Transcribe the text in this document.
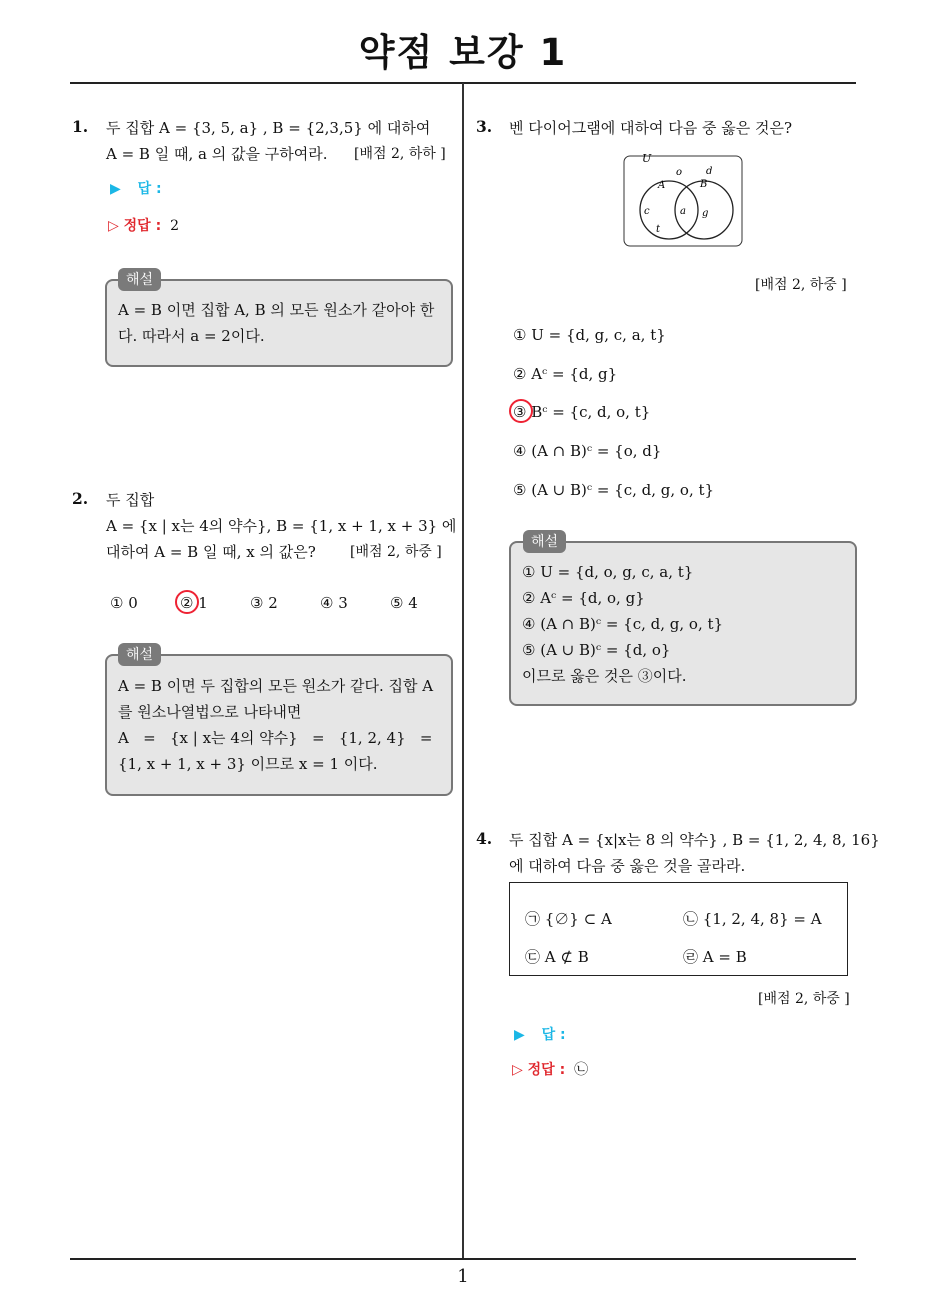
약점 보강 1
1. 두 집합 A = {3, 5, a} , B = {2,3,5} 에 대하여
A = B 일 때, a 의 값을 구하여라. [배점 2, 하하 ]
▶ 답 :
▷ 정답 : 2
해설
A = B 이면 집합 A, B 의 모든 원소가 같아야 한
다. 따라서 a = 2이다.
2. 두 집합
A = {x | x는 4의 약수}, B = {1, x + 1, x + 3} 에
대하여 A = B 일 때, x 의 값은? [배점 2, 하중 ]
① 0	② 1	③ 2	④ 3	⑤ 4
해설
A = B 이면 두 집합의 모든 원소가 같다. 집합 A
를 원소나열법으로 나타내면
A   =   {x | x는 4의 약수}   =   {1, 2, 4}   =
{1, x + 1, x + 3} 이므로 x = 1 이다.
3. 벤 다이어그램에 대하여 다음 중 옳은 것은?
U
A	B
o d
c	a g
t
[배점 2, 하중 ]
① U = {d, g, c, a, t}
② Aᶜ = {d, g}
③ Bᶜ = {c, d, o, t}
④ (A ∩ B)ᶜ = {o, d}
⑤ (A ∪ B)ᶜ = {c, d, g, o, t}
해설
① U = {d, o, g, c, a, t}
② Aᶜ = {d, o, g}
④ (A ∩ B)ᶜ = {c, d, g, o, t}
⑤ (A ∪ B)ᶜ = {d, o}
이므로 옳은 것은 ③이다.
4. 두 집합 A = {x|x는 8 의 약수} , B = {1, 2, 4, 8, 16}
에 대하여 다음 중 옳은 것을 골라라.
㉠ {∅} ⊂ A	㉡ {1, 2, 4, 8} = A
㉢ A ⊄ B	㉣ A = B
[배점 2, 하중 ]
▶ 답 :
▷ 정답 : ㉡
1
